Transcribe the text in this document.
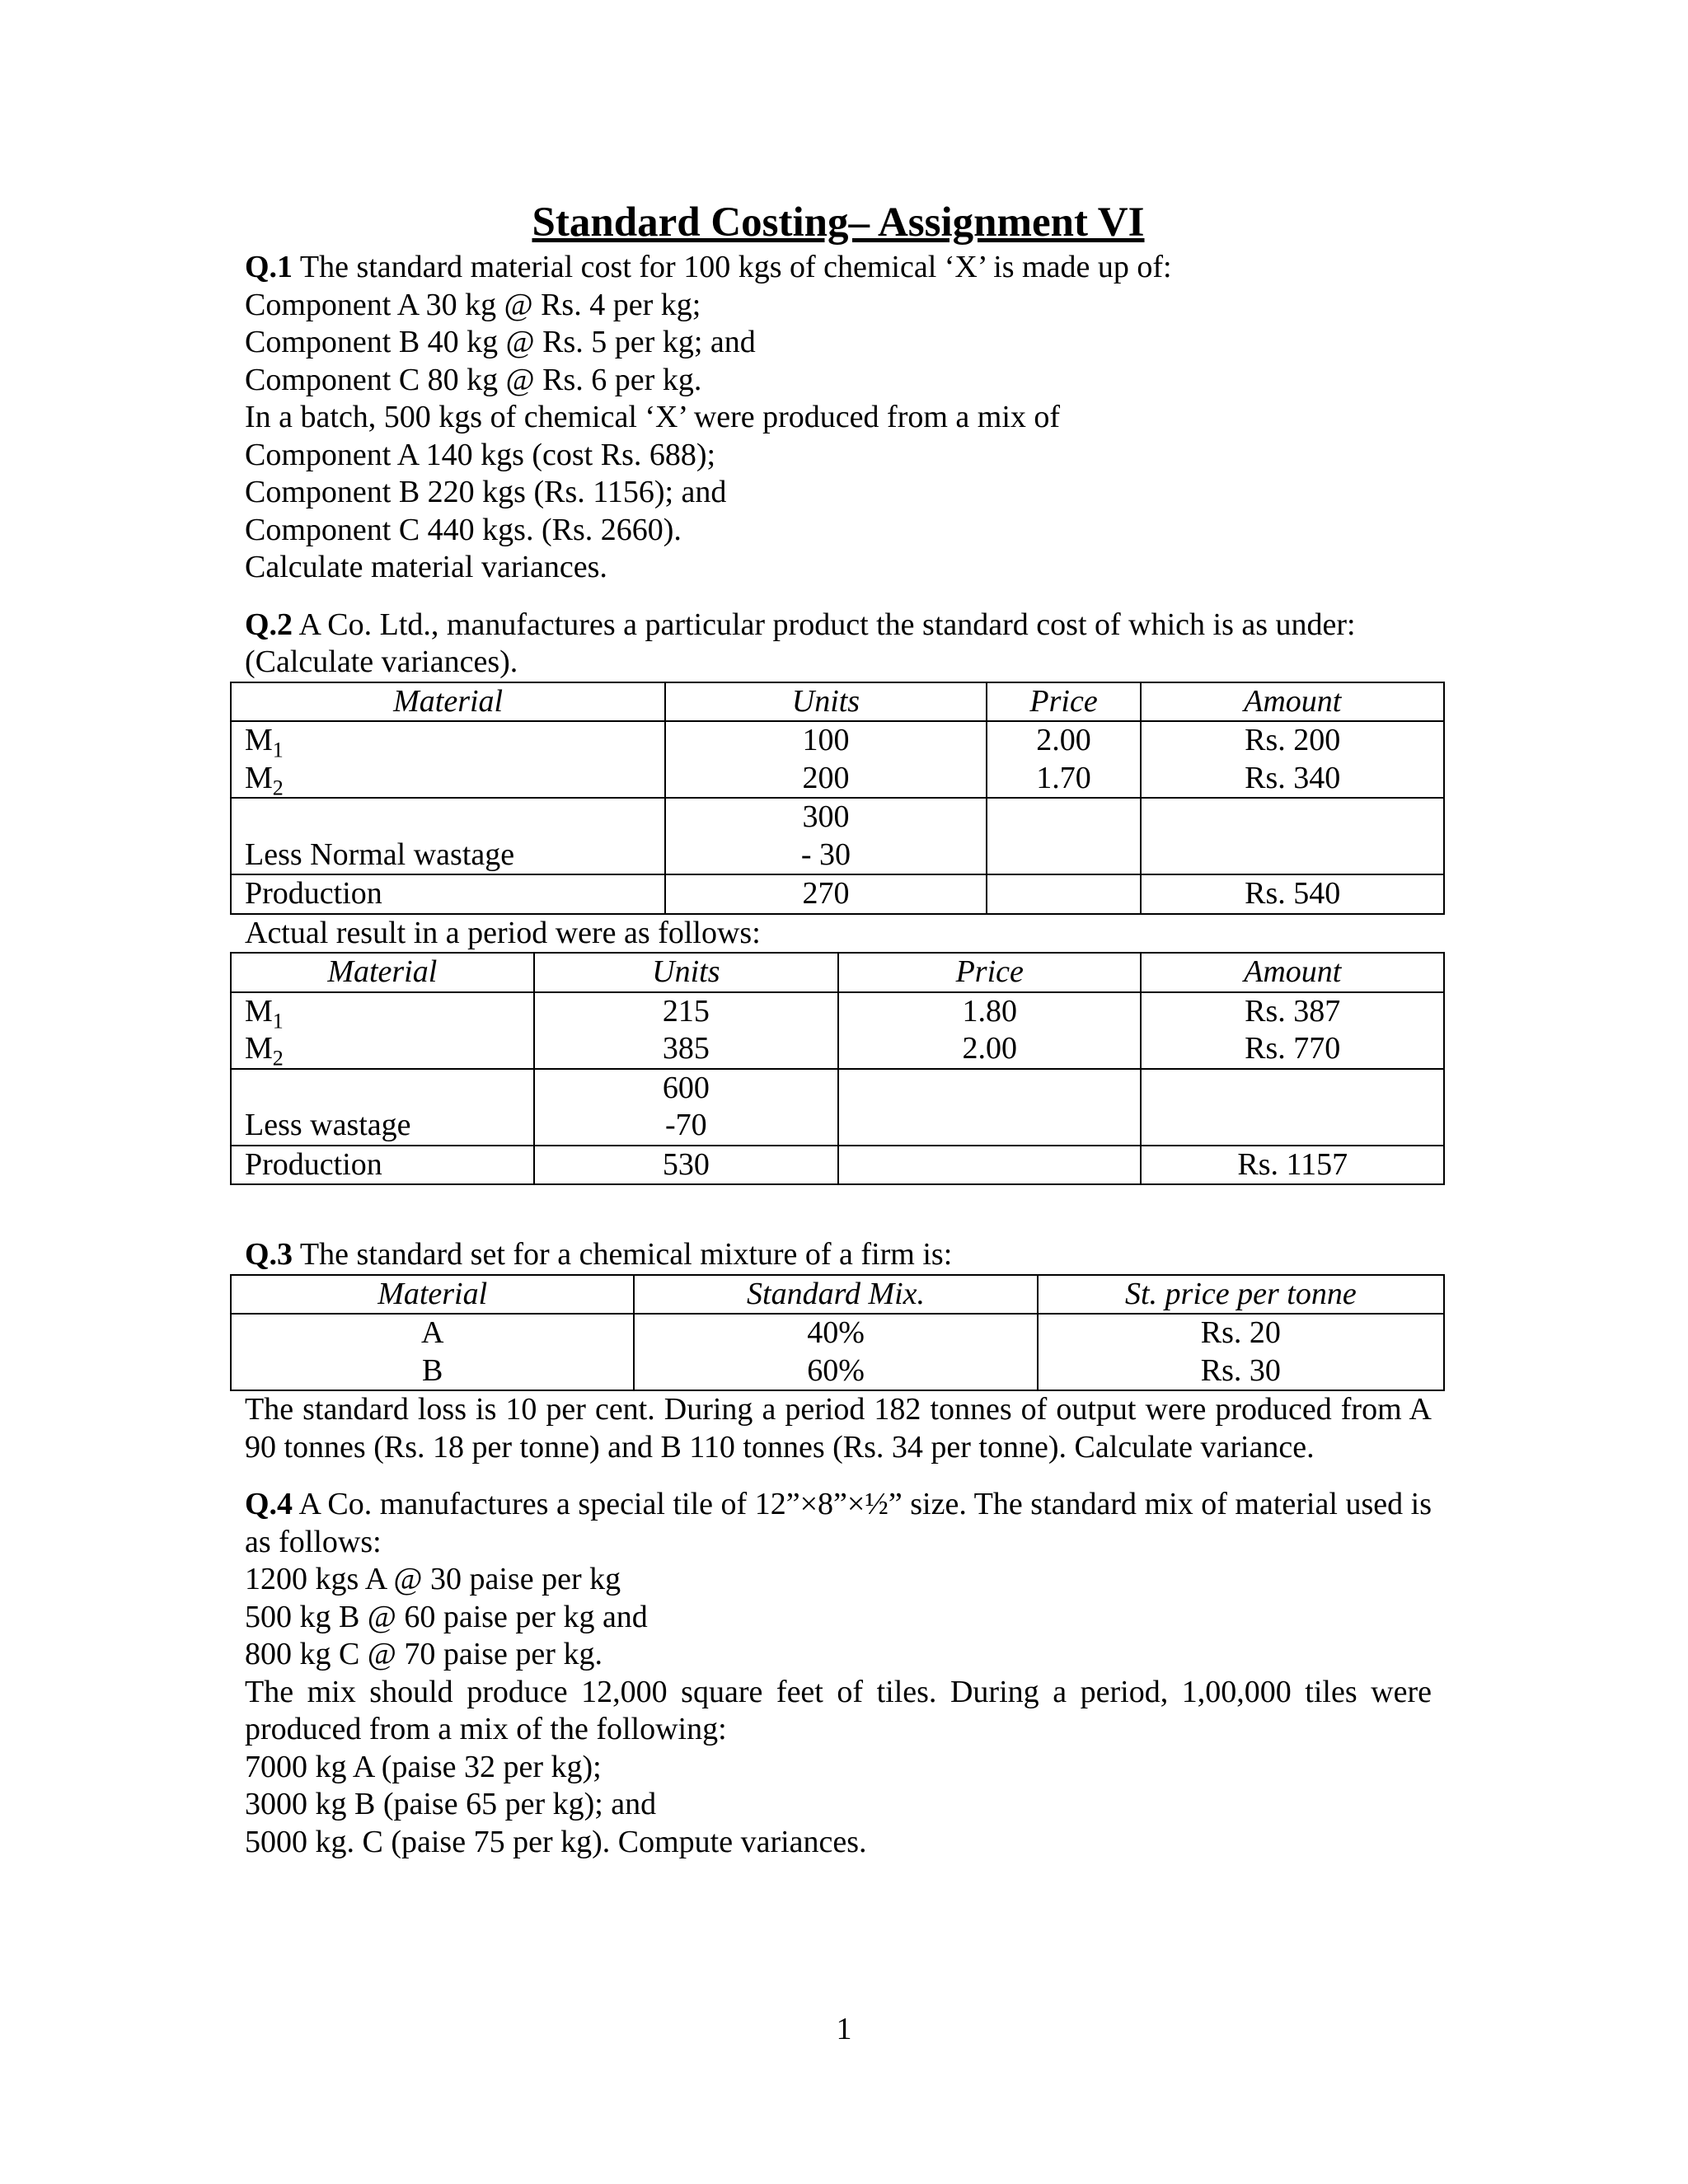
Standard Costing– Assignment VI
Q.1 The standard material cost for 100 kgs of chemical ‘X’ is made up of:
Component A 30 kg @ Rs. 4 per kg;
Component B 40 kg @ Rs. 5 per kg; and
Component C 80 kg @ Rs. 6 per kg.
In a batch, 500 kgs of chemical ‘X’ were produced from a mix of
Component A 140 kgs (cost Rs. 688);
Component B 220 kgs (Rs. 1156); and
Component C 440 kgs. (Rs. 2660).
Calculate material variances.
Q.2 A Co. Ltd., manufactures a particular product the standard cost of which is as under:
(Calculate variances).
Material	Units	Price	Amount
$M_1$	100	2.00	Rs. 200
$M_2$	200	1.70	Rs. 340
	300		
Less Normal wastage	- 30		
Production	270		Rs. 540
Actual result in a period were as follows:
Material	Units	Price	Amount
$M_1$	215	1.80	Rs. 387
$M_2$	385	2.00	Rs. 770
	600		
Less wastage	-70		
Production	530		Rs. 1157
Q.3 The standard set for a chemical mixture of a firm is:
Material	Standard Mix.	St. price per tonne
A	40%	Rs. 20
B	60%	Rs. 30
The standard loss is 10 per cent. During a period 182 tonnes of output were produced from A 90 tonnes (Rs. 18 per tonne) and B 110 tonnes (Rs. 34 per tonne). Calculate variance.
Q.4 A Co. manufactures a special tile of 12”×8”×½” size. The standard mix of material used is as follows:
1200 kgs A @ 30 paise per kg
500 kg B @ 60 paise per kg and
800 kg C @ 70 paise per kg.
The mix should produce 12,000 square feet of tiles. During a period, 1,00,000 tiles were produced from a mix of the following:
7000 kg A (paise 32 per kg);
3000 kg B (paise 65 per kg); and
5000 kg. C (paise 75 per kg). Compute variances.
1
